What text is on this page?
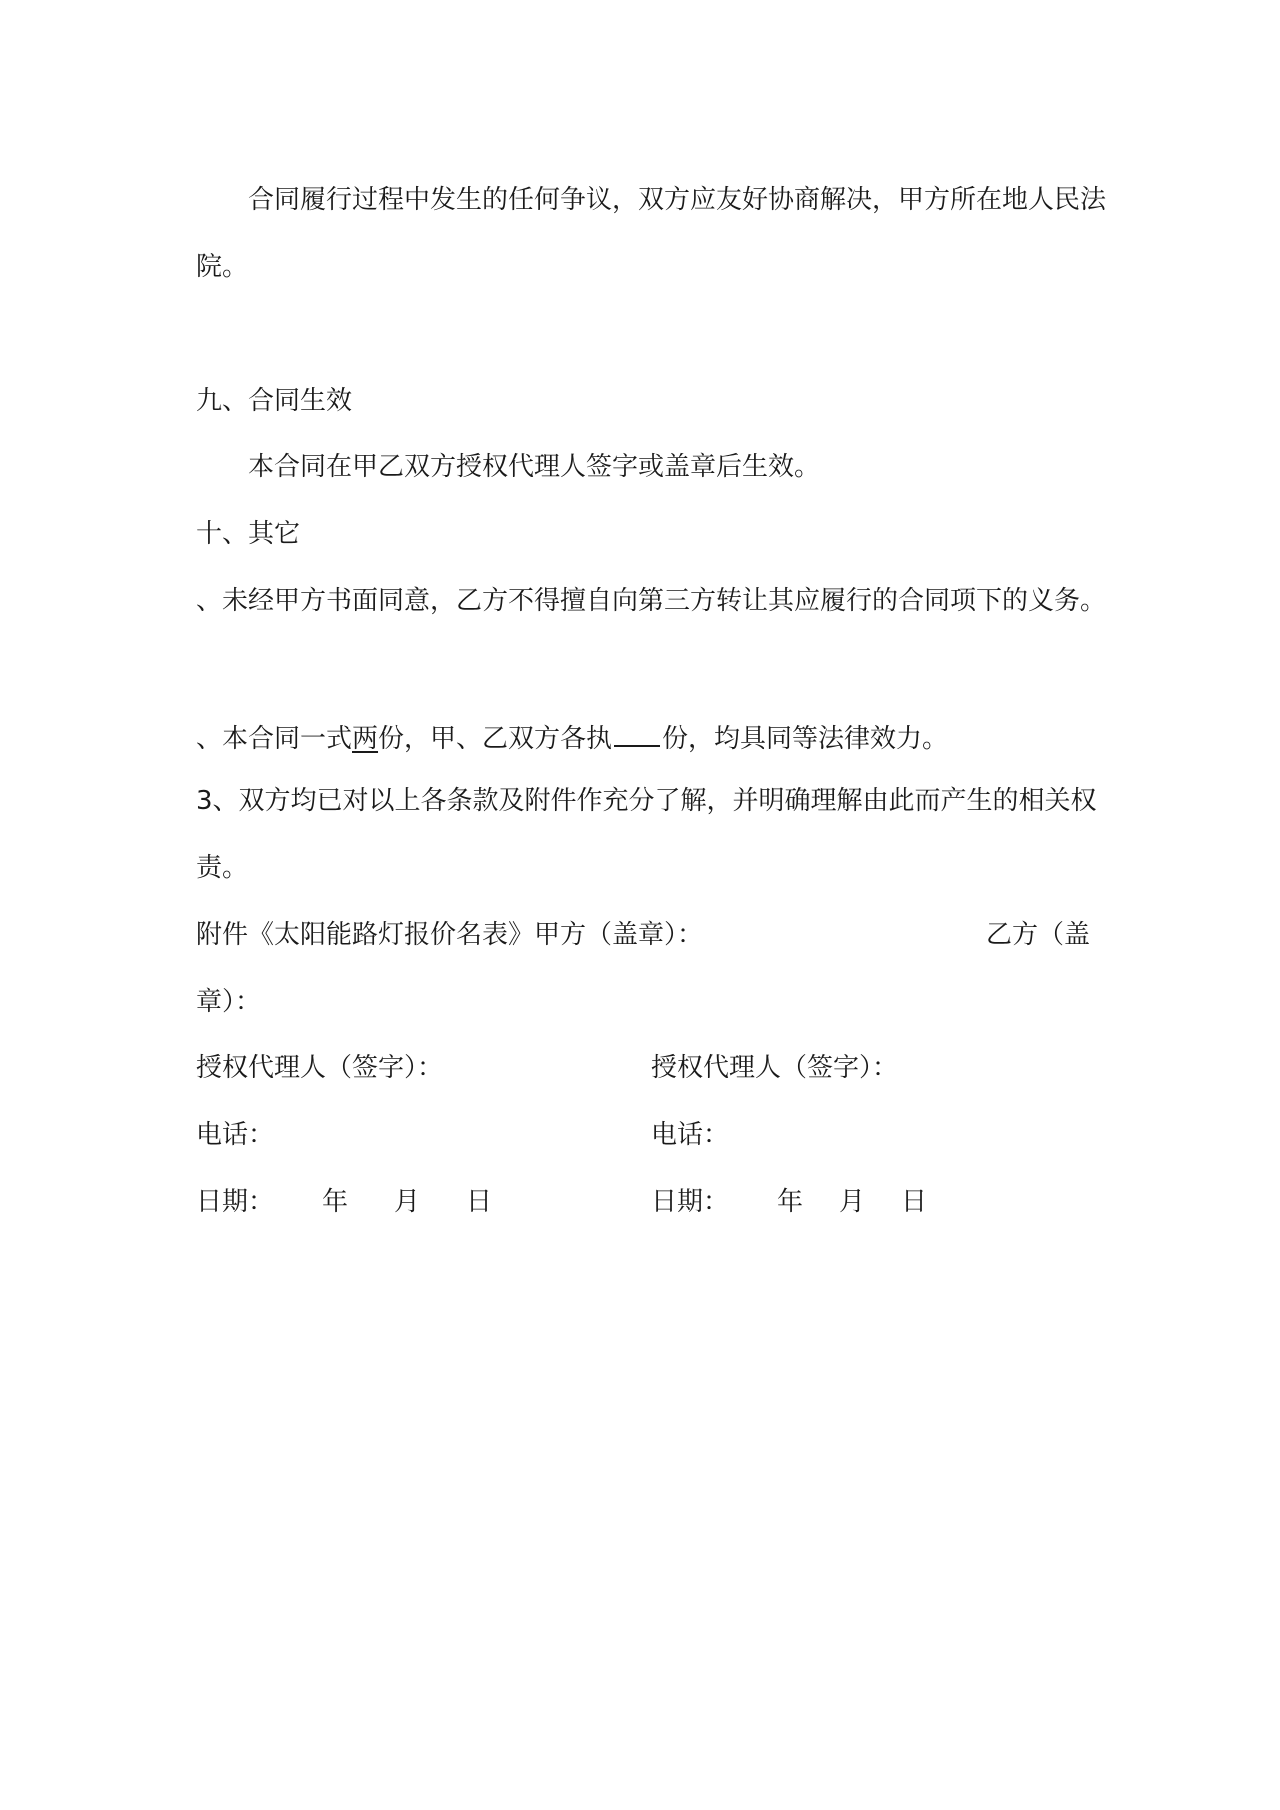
合同履行过程中发生的任何争议，双方应友好协商解决，甲方所在地人民法

院。

九、合同生效

本合同在甲乙双方授权代理人签字或盖章后生效。

十、其它

、未经甲方书面同意，乙方不得擅自向第三方转让其应履行的合同项下的义务。

、本合同一式两份，甲、乙双方各执 份，均具同等法律效力。

3、双方均已对以上各条款及附件作充分了解，并明确理解由此而产生的相关权

责。

附件《太阳能路灯报价名表》甲方（盖章）：	乙方（盖

章）：

授权代理人（签字）：	授权代理人（签字）：

电话：	电话：

日期： 年 月 日	日期： 年 月 日
